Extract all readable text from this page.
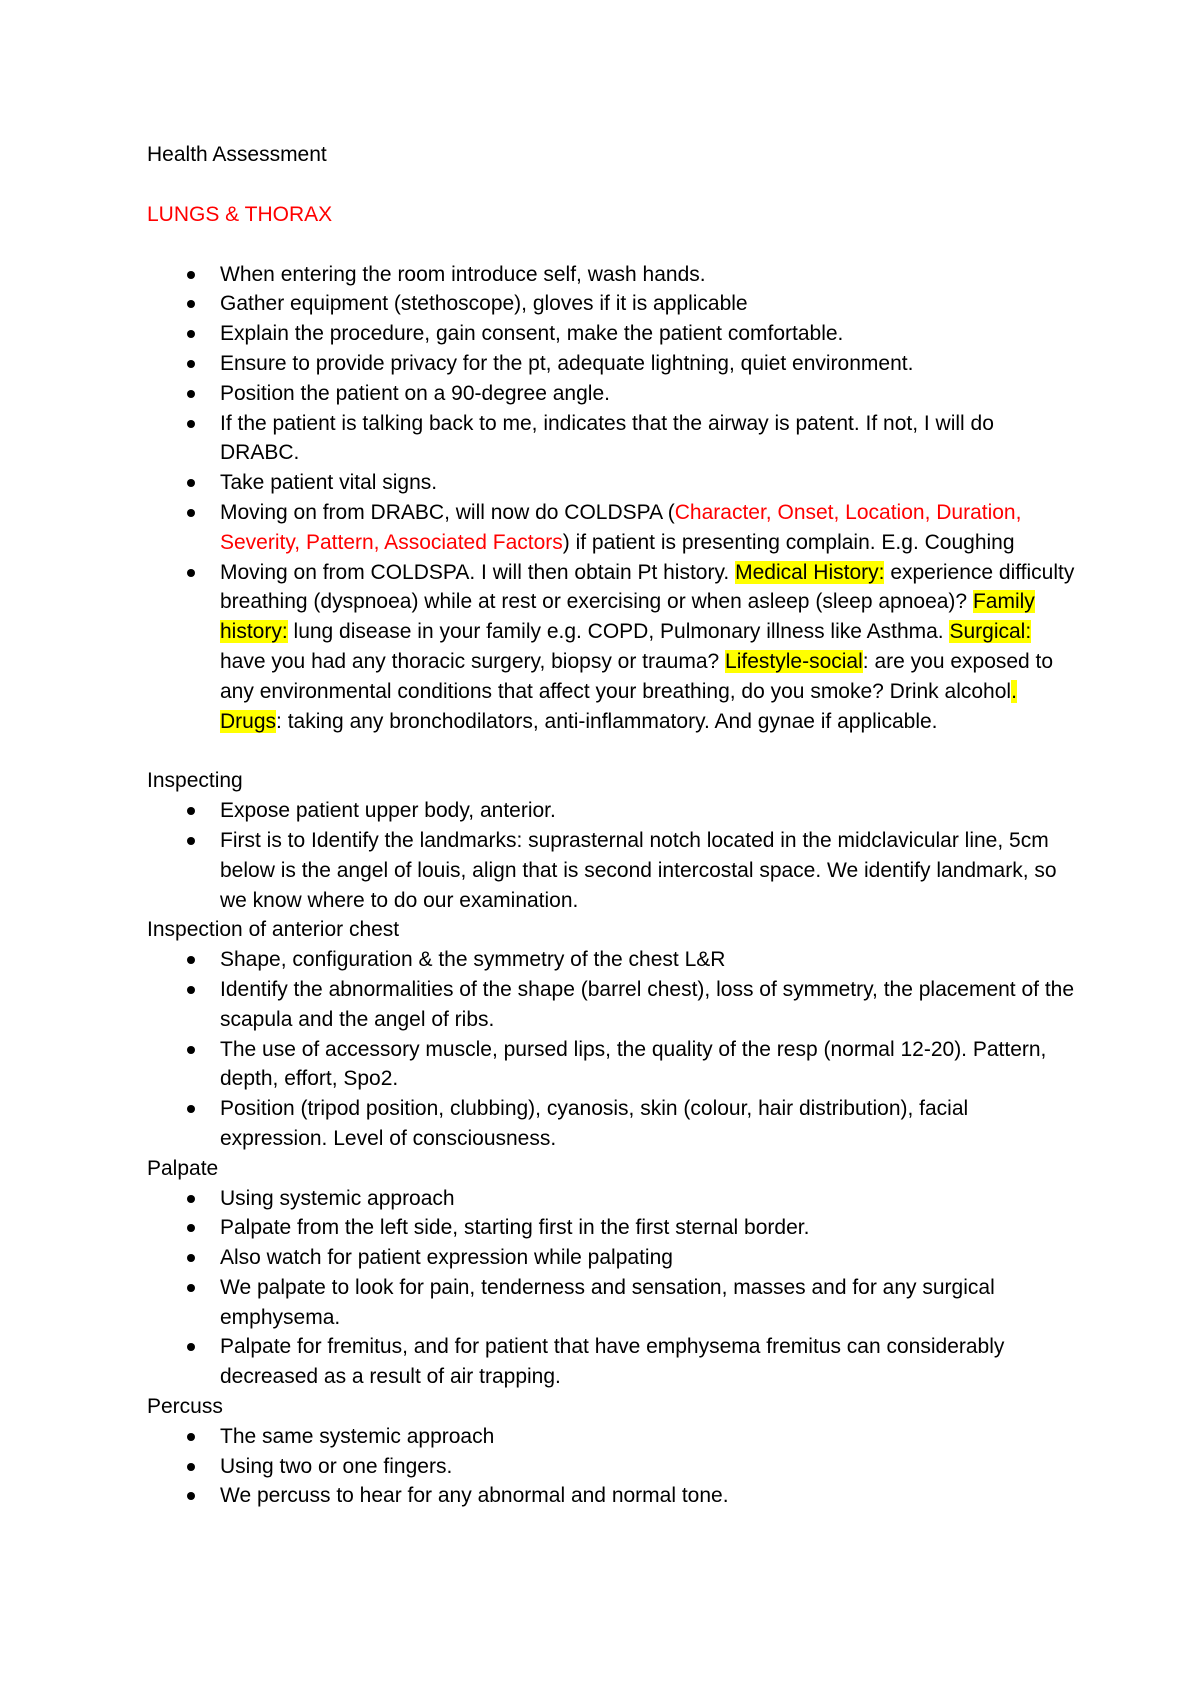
Health Assessment
LUNGS & THORAX
When entering the room introduce self, wash hands.
Gather equipment (stethoscope), gloves if it is applicable
Explain the procedure, gain consent, make the patient comfortable.
Ensure to provide privacy for the pt, adequate lightning, quiet environment.
Position the patient on a 90-degree angle.
If the patient is talking back to me, indicates that the airway is patent. If not, I will do DRABC.
Take patient vital signs.
Moving on from DRABC, will now do COLDSPA (Character, Onset, Location, Duration, Severity, Pattern, Associated Factors) if patient is presenting complain. E.g. Coughing
Moving on from COLDSPA. I will then obtain Pt history. Medical History: experience difficulty breathing (dyspnoea) while at rest or exercising or when asleep (sleep apnoea)? Family history: lung disease in your family e.g. COPD, Pulmonary illness like Asthma. Surgical: have you had any thoracic surgery, biopsy or trauma? Lifestyle-social: are you exposed to any environmental conditions that affect your breathing, do you smoke? Drink alcohol. Drugs: taking any bronchodilators, anti-inflammatory. And gynae if applicable.
Inspecting
Expose patient upper body, anterior.
First is to Identify the landmarks: suprasternal notch located in the midclavicular line, 5cm below is the angel of louis, align that is second intercostal space. We identify landmark, so we know where to do our examination.
Inspection of anterior chest
Shape, configuration & the symmetry of the chest L&R
Identify the abnormalities of the shape (barrel chest), loss of symmetry, the placement of the scapula and the angel of ribs.
The use of accessory muscle, pursed lips, the quality of the resp (normal 12-20). Pattern, depth, effort, Spo2.
Position (tripod position, clubbing), cyanosis, skin (colour, hair distribution), facial expression. Level of consciousness.
Palpate
Using systemic approach
Palpate from the left side, starting first in the first sternal border.
Also watch for patient expression while palpating
We palpate to look for pain, tenderness and sensation, masses and for any surgical emphysema.
Palpate for fremitus, and for patient that have emphysema fremitus can considerably decreased as a result of air trapping.
Percuss
The same systemic approach
Using two or one fingers.
We percuss to hear for any abnormal and normal tone.
